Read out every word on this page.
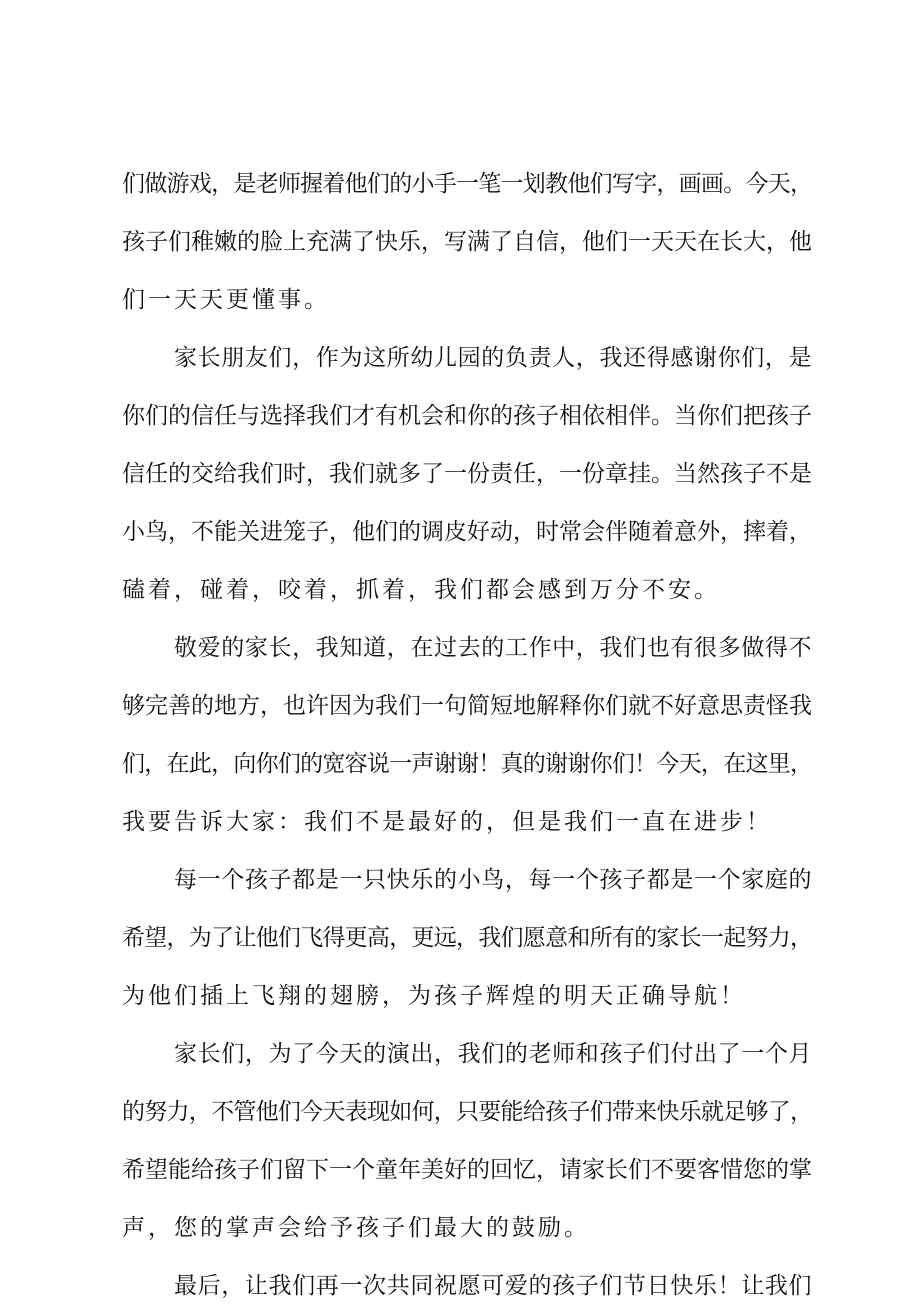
们做游戏，是老师握着他们的小手一笔一划教他们写字，画画。今天，
孩子们稚嫩的脸上充满了快乐，写满了自信，他们一天天在长大，他
们一天天更懂事。
家长朋友们，作为这所幼儿园的负责人，我还得感谢你们，是
你们的信任与选择我们才有机会和你的孩子相依相伴。当你们把孩子
信任的交给我们时，我们就多了一份责任，一份章挂。当然孩子不是
小鸟，不能关进笼子，他们的调皮好动，时常会伴随着意外，摔着，
磕着，碰着，咬着，抓着，我们都会感到万分不安。
敬爱的家长，我知道，在过去的工作中，我们也有很多做得不
够完善的地方，也许因为我们一句简短地解释你们就不好意思责怪我
们，在此，向你们的宽容说一声谢谢！真的谢谢你们！今天，在这里，
我要告诉大家：我们不是最好的，但是我们一直在进步！
每一个孩子都是一只快乐的小鸟，每一个孩子都是一个家庭的
希望，为了让他们飞得更高，更远，我们愿意和所有的家长一起努力，
为他们插上飞翔的翅膀，为孩子辉煌的明天正确导航！
家长们，为了今天的演出，我们的老师和孩子们付出了一个月
的努力，不管他们今天表现如何，只要能给孩子们带来快乐就足够了，
希望能给孩子们留下一个童年美好的回忆，请家长们不要客惜您的掌
声，您的掌声会给予孩子们最大的鼓励。
最后，让我们再一次共同祝愿可爱的孩子们节日快乐！让我们
